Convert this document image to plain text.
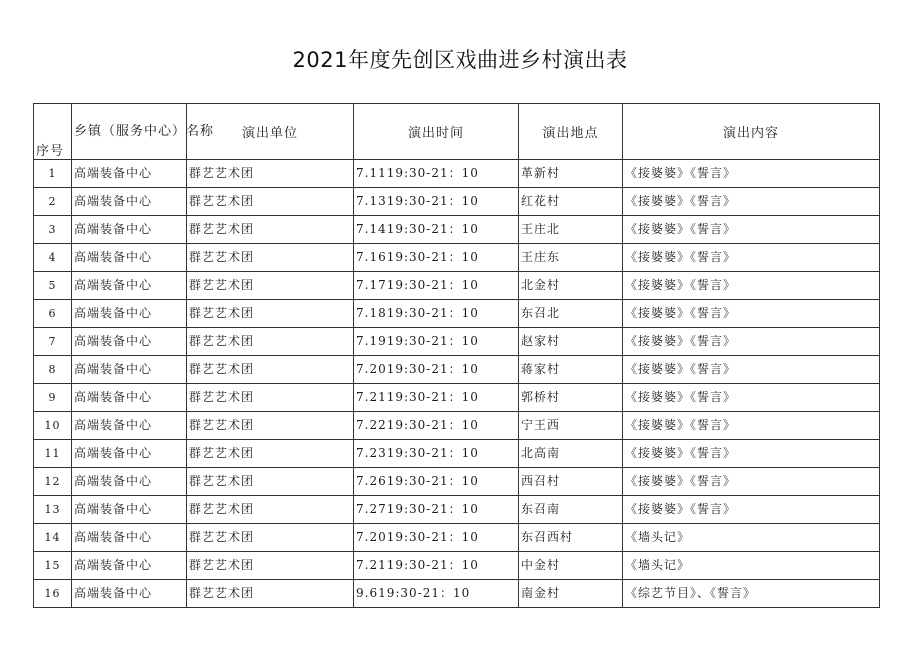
2021年度先创区戏曲进乡村演出表
序号	乡镇（服务中心）名称	演出单位	演出时间	演出地点	演出内容
1	高端装备中心	群艺艺术团	7.1119:30-21：10	革新村	《接婆婆》《誓言》
2	高端装备中心	群艺艺术团	7.1319:30-21：10	红花村	《接婆婆》《誓言》
3	高端装备中心	群艺艺术团	7.1419:30-21：10	王庄北	《接婆婆》《誓言》
4	高端装备中心	群艺艺术团	7.1619:30-21：10	王庄东	《接婆婆》《誓言》
5	高端装备中心	群艺艺术团	7.1719:30-21：10	北金村	《接婆婆》《誓言》
6	高端装备中心	群艺艺术团	7.1819:30-21：10	东召北	《接婆婆》《誓言》
7	高端装备中心	群艺艺术团	7.1919:30-21：10	赵家村	《接婆婆》《誓言》
8	高端装备中心	群艺艺术团	7.2019:30-21：10	蒋家村	《接婆婆》《誓言》
9	高端装备中心	群艺艺术团	7.2119:30-21：10	郭桥村	《接婆婆》《誓言》
10	高端装备中心	群艺艺术团	7.2219:30-21：10	宁王西	《接婆婆》《誓言》
11	高端装备中心	群艺艺术团	7.2319:30-21：10	北高南	《接婆婆》《誓言》
12	高端装备中心	群艺艺术团	7.2619:30-21：10	西召村	《接婆婆》《誓言》
13	高端装备中心	群艺艺术团	7.2719:30-21：10	东召南	《接婆婆》《誓言》
14	高端装备中心	群艺艺术团	7.2019:30-21：10	东召西村	《墙头记》
15	高端装备中心	群艺艺术团	7.2119:30-21：10	中金村	《墙头记》
16	高端装备中心	群艺艺术团	9.619:30-21：10	南金村	《综艺节目》、《誓言》
